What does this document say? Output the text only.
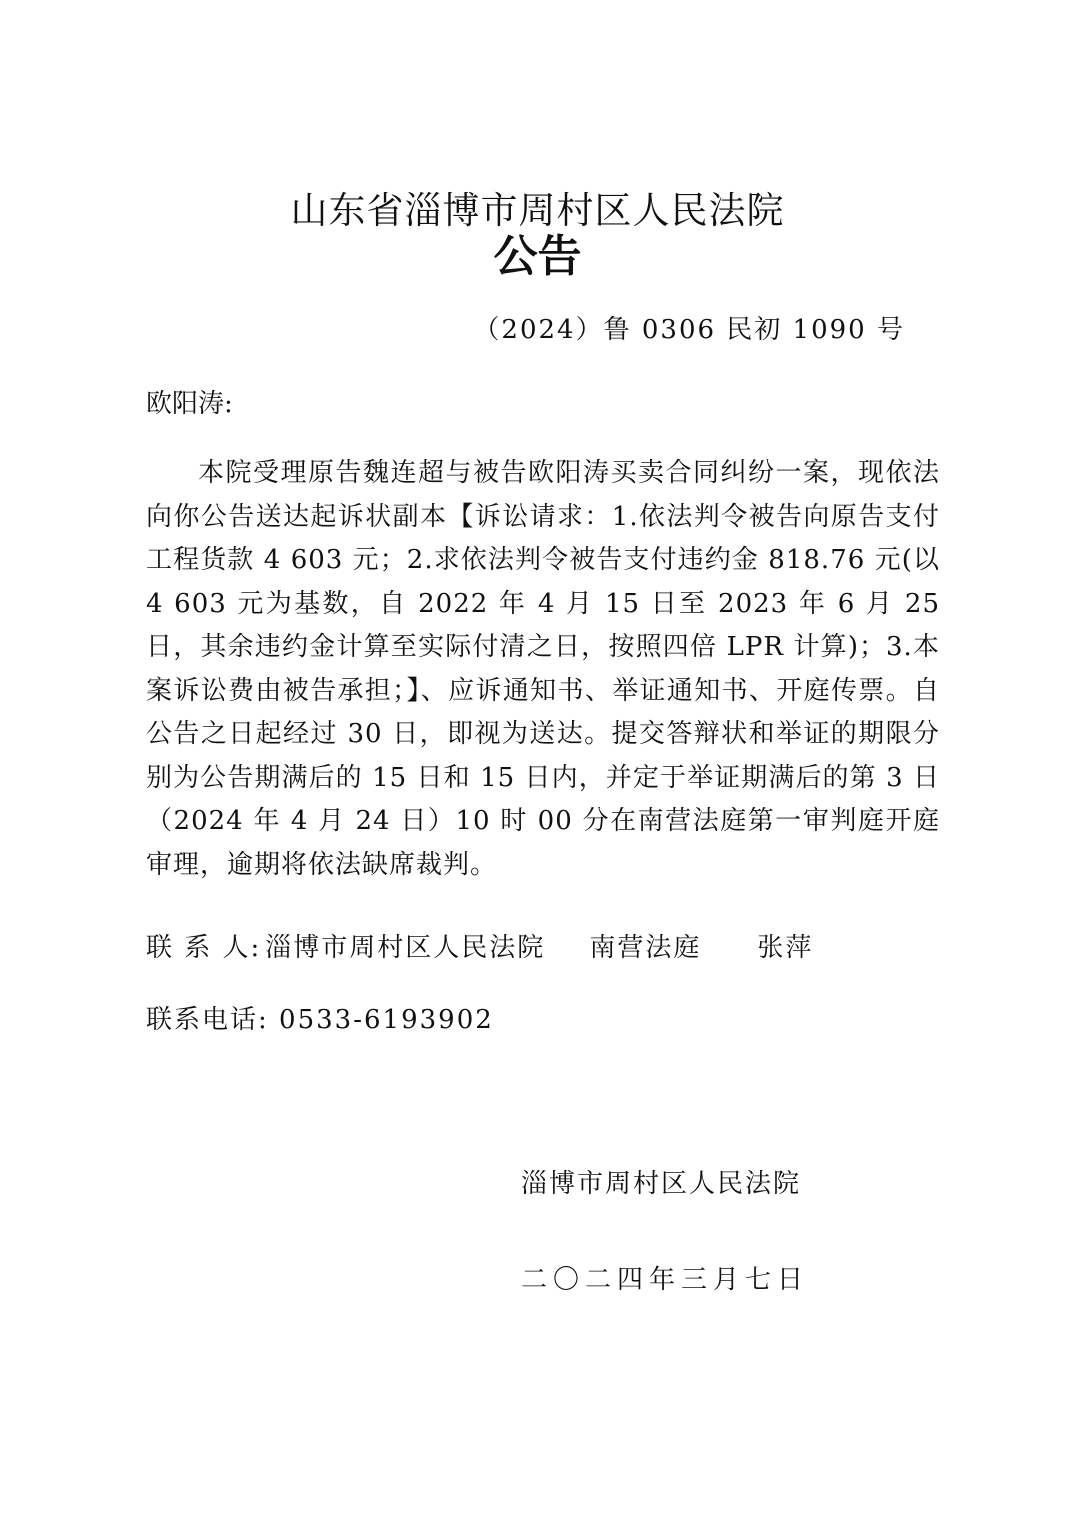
山东省淄博市周村区人民法院
公告
（2024）鲁 0306 民初 1090 号
欧阳涛:

本院受理原告魏连超与被告欧阳涛买卖合同纠纷一案，现依法向你公告送达起诉状副本【诉讼请求：1.依法判令被告向原告支付工程货款 4 603 元；2.求依法判令被告支付违约金 818.76 元(以 4 603 元为基数，自 2022 年 4 月 15 日至 2023 年 6 月 25 日，其余违约金计算至实际付清之日，按照四倍 LPR 计算)；3.本案诉讼费由被告承担；】、应诉通知书、举证通知书、开庭传票。自公告之日起经过 30 日，即视为送达。提交答辩状和举证的期限分别为公告期满后的 15 日和 15 日内，并定于举证期满后的第 3 日（2024 年 4 月 24 日）10 时 00 分在南营法庭第一审判庭开庭审理，逾期将依法缺席裁判。

联 系 人: 淄博市周村区人民法院 南营法庭 张萍
联系电话: 0533-6193902
淄博市周村区人民法院
二〇二四年三月七日
